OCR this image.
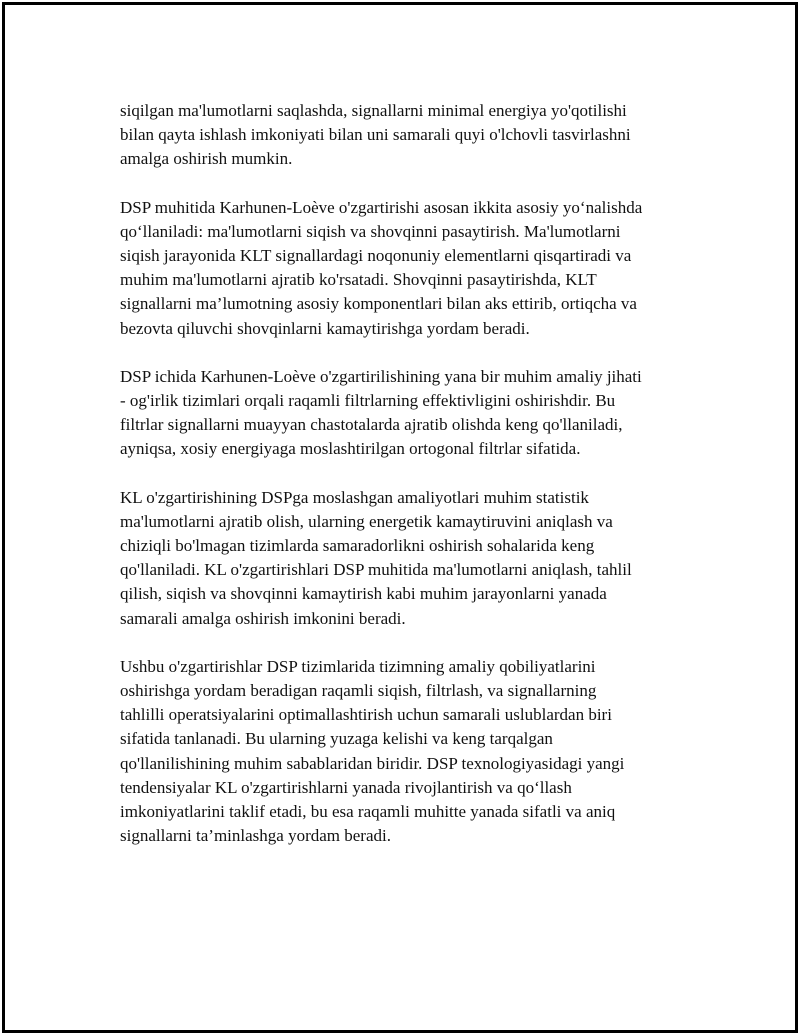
siqilgan ma'lumotlarni saqlashda, signallarni minimal energiya yo'qotilishi
bilan qayta ishlash imkoniyati bilan uni samarali quyi o'lchovli tasvirlashni
amalga oshirish mumkin.

DSP muhitida Karhunen-Loève o'zgartirishi asosan ikkita asosiy yo‘nalishda
qo‘llaniladi: ma'lumotlarni siqish va shovqinni pasaytirish. Ma'lumotlarni
siqish jarayonida KLT signallardagi noqonuniy elementlarni qisqartiradi va
muhim ma'lumotlarni ajratib ko'rsatadi. Shovqinni pasaytirishda, KLT
signallarni ma’lumotning asosiy komponentlari bilan aks ettirib, ortiqcha va
bezovta qiluvchi shovqinlarni kamaytirishga yordam beradi.

DSP ichida Karhunen-Loève o'zgartirilishining yana bir muhim amaliy jihati
- og'irlik tizimlari orqali raqamli filtrlarning effektivligini oshirishdir. Bu
filtrlar signallarni muayyan chastotalarda ajratib olishda keng qo'llaniladi,
ayniqsa, xosiy energiyaga moslashtirilgan ortogonal filtrlar sifatida.

KL o'zgartirishining DSPga moslashgan amaliyotlari muhim statistik
ma'lumotlarni ajratib olish, ularning energetik kamaytiruvini aniqlash va
chiziqli bo'lmagan tizimlarda samaradorlikni oshirish sohalarida keng
qo'llaniladi. KL o'zgartirishlari DSP muhitida ma'lumotlarni aniqlash, tahlil
qilish, siqish va shovqinni kamaytirish kabi muhim jarayonlarni yanada
samarali amalga oshirish imkonini beradi.

Ushbu o'zgartirishlar DSP tizimlarida tizimning amaliy qobiliyatlarini
oshirishga yordam beradigan raqamli siqish, filtrlash, va signallarning
tahlilli operatsiyalarini optimallashtirish uchun samarali uslublardan biri
sifatida tanlanadi. Bu ularning yuzaga kelishi va keng tarqalgan
qo'llanilishining muhim sabablaridan biridir. DSP texnologiyasidagi yangi
tendensiyalar KL o'zgartirishlarni yanada rivojlantirish va qo‘llash
imkoniyatlarini taklif etadi, bu esa raqamli muhitte yanada sifatli va aniq
signallarni ta’minlashga yordam beradi.
